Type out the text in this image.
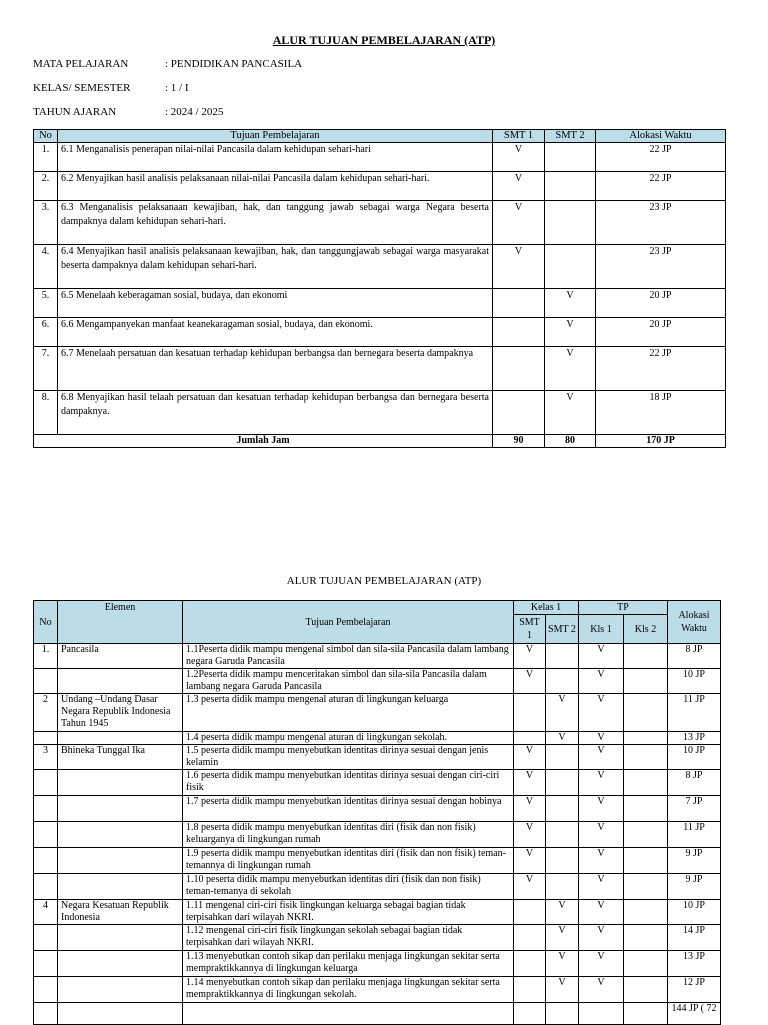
ALUR TUJUAN PEMBELAJARAN (ATP)
MATA PELAJARAN	: PENDIDIKAN PANCASILA
KELAS/ SEMESTER	: 1 / I
TAHUN AJARAN	: 2024 / 2025
No	Tujuan Pembelajaran	SMT 1	SMT 2	Alokasi Waktu
1.	6.1 Menganalisis penerapan nilai-nilai Pancasila dalam kehidupan sehari-hari	V		22 JP
2.	6.2 Menyajikan hasil analisis pelaksanaan nilai-nilai Pancasila dalam kehidupan sehari-hari.	V		22 JP
3.	6.3 Menganalisis pelaksanaan kewajiban, hak, dan tanggung jawab sebagai warga Negara beserta dampaknya dalam kehidupan sehari-hari.	V		23 JP
4.	6.4 Menyajikan hasil analisis pelaksanaan kewajiban, hak, dan tanggungjawab sebagai warga masyarakat beserta dampaknya dalam kehidupan sehari-hari.	V		23 JP
5.	6.5 Menelaah keberagaman sosial, budaya, dan ekonomi		V	20 JP
6.	6.6 Mengampanyekan manfaat keanekaragaman sosial, budaya, dan ekonomi.		V	20 JP
7.	6.7 Menelaah persatuan dan kesatuan terhadap kehidupan berbangsa dan bernegara beserta dampaknya		V	22 JP
8.	6.8 Menyajikan hasil telaah persatuan dan kesatuan terhadap kehidupan berbangsa dan bernegara beserta dampaknya.		V	18 JP
Jumlah Jam		90	80	170 JP
ALUR TUJUAN PEMBELAJARAN (ATP)
No	Elemen	Tujuan Pembelajaran	Kelas 1		TP		Alokasi Waktu
			SMT 1	SMT 2	Kls 1	Kls 2	
1.	Pancasila	1.1Peserta didik mampu mengenal simbol dan sila-sila Pancasila dalam lambang negara Garuda Pancasila	V		V		8 JP
		1.2Peserta didik mampu menceritakan simbol dan sila-sila Pancasila dalam lambang negara Garuda Pancasila	V		V		10 JP
2	Undang –Undang Dasar Negara Republik Indonesia Tahun 1945	1.3 peserta didik mampu mengenal aturan di lingkungan keluarga		V	V		11 JP
		1.4 peserta didik mampu mengenal aturan di lingkungan sekolah.		V	V		13 JP
3	Bhineka Tunggal Ika	1.5 peserta didik mampu menyebutkan identitas dirinya sesuai dengan jenis kelamin	V		V		10 JP
		1.6 peserta didik mampu menyebutkan identitas dirinya sesuai dengan ciri-ciri fisik	V		V		8 JP
		1.7 peserta didik mampu menyebutkan identitas dirinya sesuai dengan hobinya	V		V		7 JP
		1.8 peserta didik mampu menyebutkan identitas diri (fisik dan non fisik) keluarganya di lingkungan rumah	V		V		11 JP
		1.9 peserta didik mampu menyebutkan identitas diri (fisik dan non fisik) teman-temannya di lingkungan rumah	V		V		9 JP
		1.10 peserta didik mampu menyebutkan identitas diri (fisik dan non fisik) teman-temanya di sekolah	V		V		9 JP
4	Negara Kesatuan Republik Indonesia	1.11 mengenal ciri-ciri fisik lingkungan keluarga sebagai bagian tidak terpisahkan dari wilayah NKRI.		V	V		10 JP
		1.12 mengenal ciri-ciri fisik lingkungan sekolah sebagai bagian tidak terpisahkan dari wilayah NKRI.		V	V		14 JP
		1.13 menyebutkan contoh sikap dan perilaku menjaga lingkungan sekitar serta mempraktikkannya di lingkungan keluarga		V	V		13 JP
		1.14 menyebutkan contoh sikap dan perilaku menjaga lingkungan sekitar serta mempraktikkannya di lingkungan sekolah.		V	V		12 JP
							144 JP ( 72
